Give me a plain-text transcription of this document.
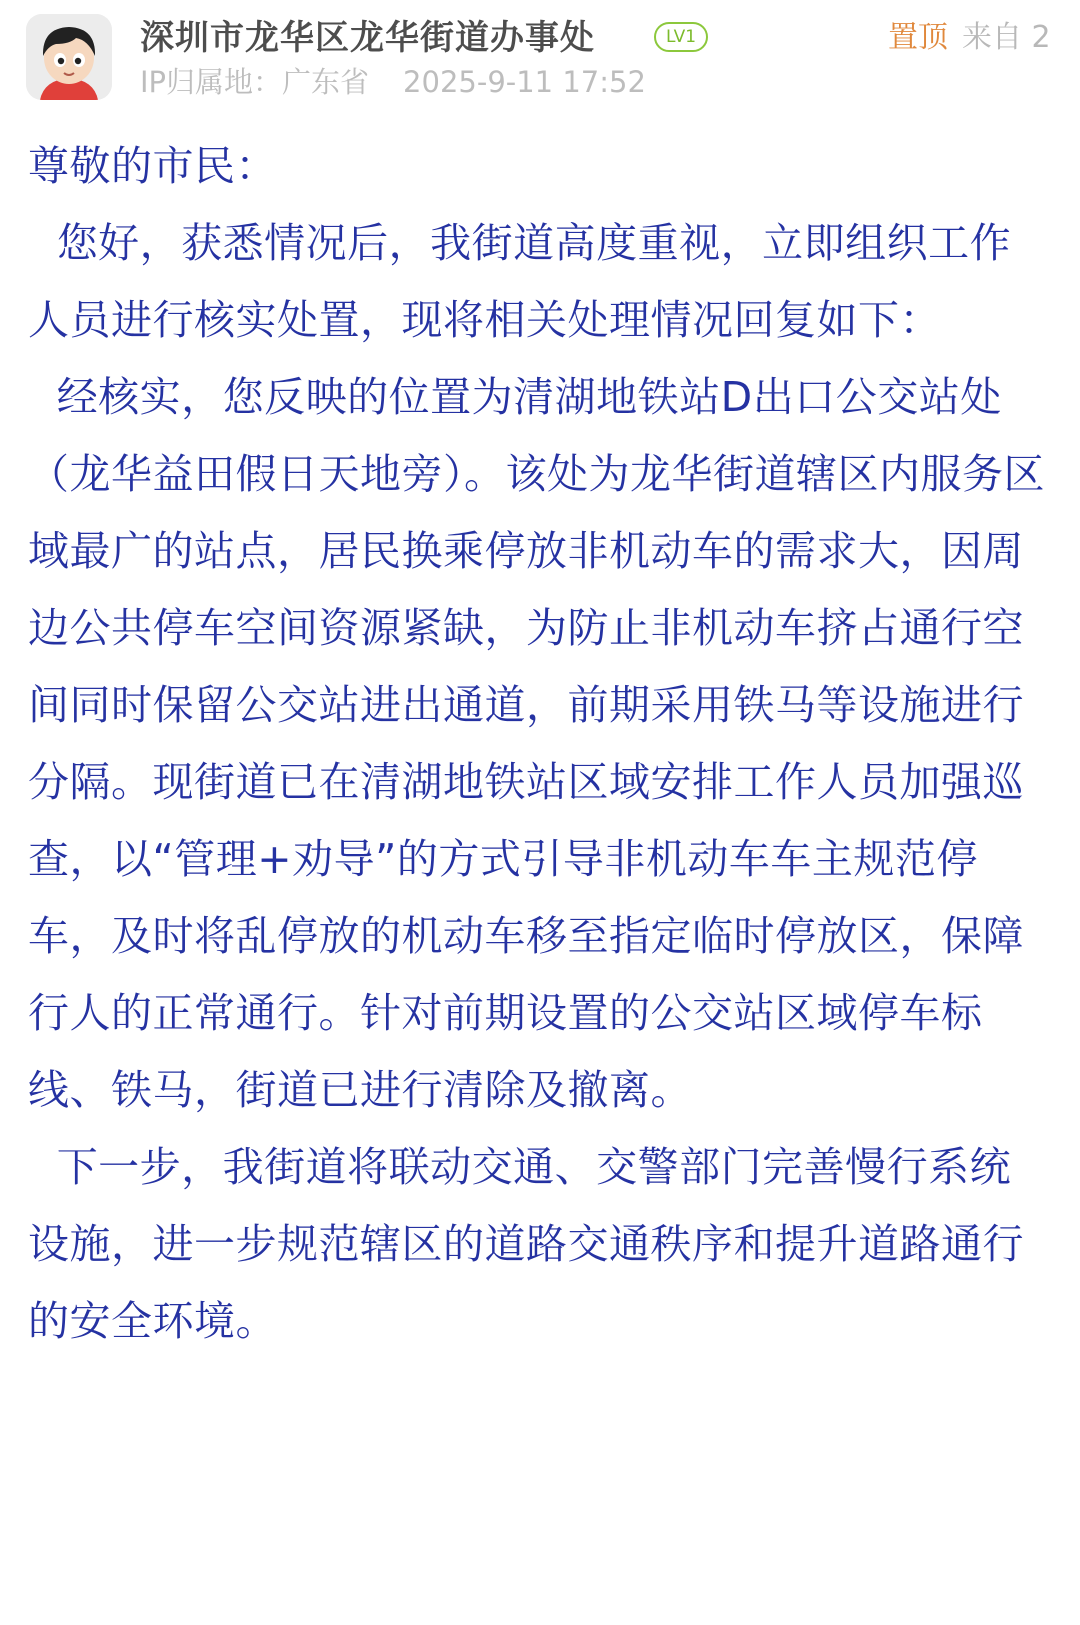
深圳市龙华区龙华街道办事处	LV1	置顶 来自 2
IP归属地：广东省 2025-9-11 17:52

尊敬的市民：

您好，获悉情况后，我街道高度重视，立即组织工作人员进行核实处置，现将相关处理情况回复如下：

经核实，您反映的位置为清湖地铁站D出口公交站处（龙华益田假日天地旁）。该处为龙华街道辖区内服务区域最广的站点，居民换乘停放非机动车的需求大，因周边公共停车空间资源紧缺，为防止非机动车挤占通行空间同时保留公交站进出通道，前期采用铁马等设施进行分隔。现街道已在清湖地铁站区域安排工作人员加强巡查，以“管理+劝导”的方式引导非机动车车主规范停车，及时将乱停放的机动车移至指定临时停放区，保障行人的正常通行。针对前期设置的公交站区域停车标线、铁马，街道已进行清除及撤离。

下一步，我街道将联动交通、交警部门完善慢行系统设施，进一步规范辖区的道路交通秩序和提升道路通行的安全环境。
